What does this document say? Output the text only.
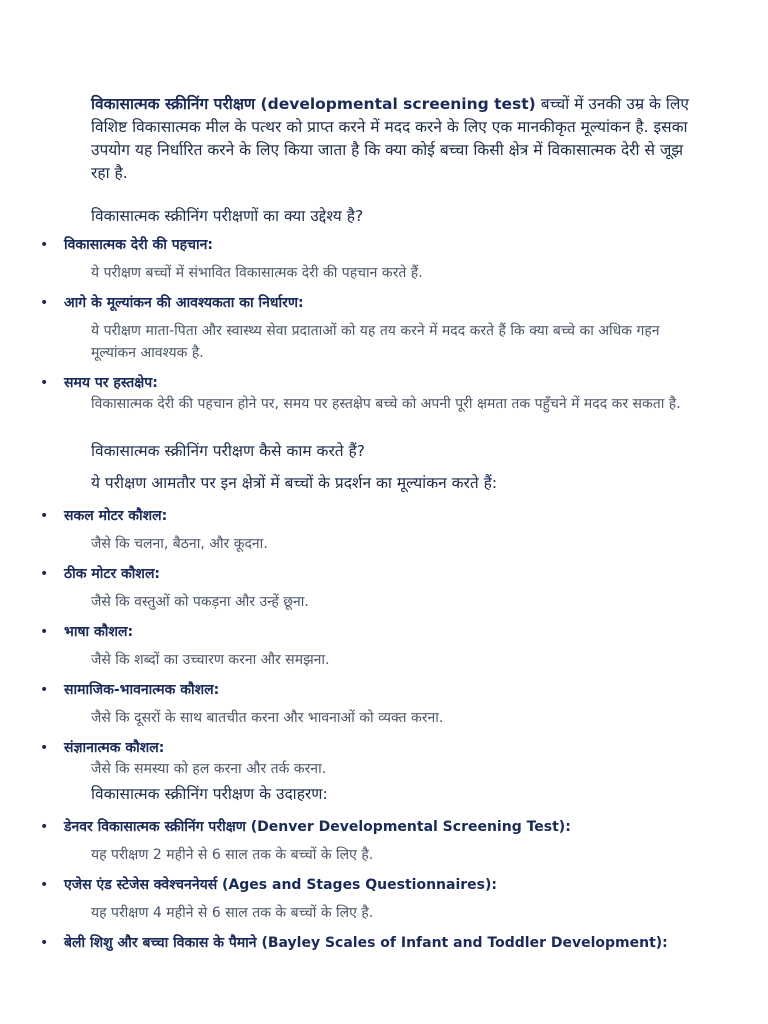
विकासात्मक स्क्रीनिंग परीक्षण (developmental screening test) बच्चों में उनकी उम्र के लिए विशिष्ट विकासात्मक मील के पत्थर को प्राप्त करने में मदद करने के लिए एक मानकीकृत मूल्यांकन है. इसका उपयोग यह निर्धारित करने के लिए किया जाता है कि क्या कोई बच्चा किसी क्षेत्र में विकासात्मक देरी से जूझ रहा है.

विकासात्मक स्क्रीनिंग परीक्षणों का क्या उद्देश्य है?
•	विकासात्मक देरी की पहचान:
ये परीक्षण बच्चों में संभावित विकासात्मक देरी की पहचान करते हैं.
•	आगे के मूल्यांकन की आवश्यकता का निर्धारण:
ये परीक्षण माता-पिता और स्वास्थ्य सेवा प्रदाताओं को यह तय करने में मदद करते हैं कि क्या बच्चे का अधिक गहन मूल्यांकन आवश्यक है.
•	समय पर हस्तक्षेप:
विकासात्मक देरी की पहचान होने पर, समय पर हस्तक्षेप बच्चे को अपनी पूरी क्षमता तक पहुँचने में मदद कर सकता है.
विकासात्मक स्क्रीनिंग परीक्षण कैसे काम करते हैं?
ये परीक्षण आमतौर पर इन क्षेत्रों में बच्चों के प्रदर्शन का मूल्यांकन करते हैं:
•	सकल मोटर कौशल:
जैसे कि चलना, बैठना, और कूदना.
•	ठीक मोटर कौशल:
जैसे कि वस्तुओं को पकड़ना और उन्हें छूना.
•	भाषा कौशल:
जैसे कि शब्दों का उच्चारण करना और समझना.
•	सामाजिक-भावनात्मक कौशल:
जैसे कि दूसरों के साथ बातचीत करना और भावनाओं को व्यक्त करना.
•	संज्ञानात्मक कौशल:
जैसे कि समस्या को हल करना और तर्क करना.
विकासात्मक स्क्रीनिंग परीक्षण के उदाहरण:
•	डेनवर विकासात्मक स्क्रीनिंग परीक्षण (Denver Developmental Screening Test):
यह परीक्षण 2 महीने से 6 साल तक के बच्चों के लिए है.
•	एजेस एंड स्टेजेस क्वेश्चननेयर्स (Ages and Stages Questionnaires):
यह परीक्षण 4 महीने से 6 साल तक के बच्चों के लिए है.
•	बेली शिशु और बच्चा विकास के पैमाने (Bayley Scales of Infant and Toddler Development):
